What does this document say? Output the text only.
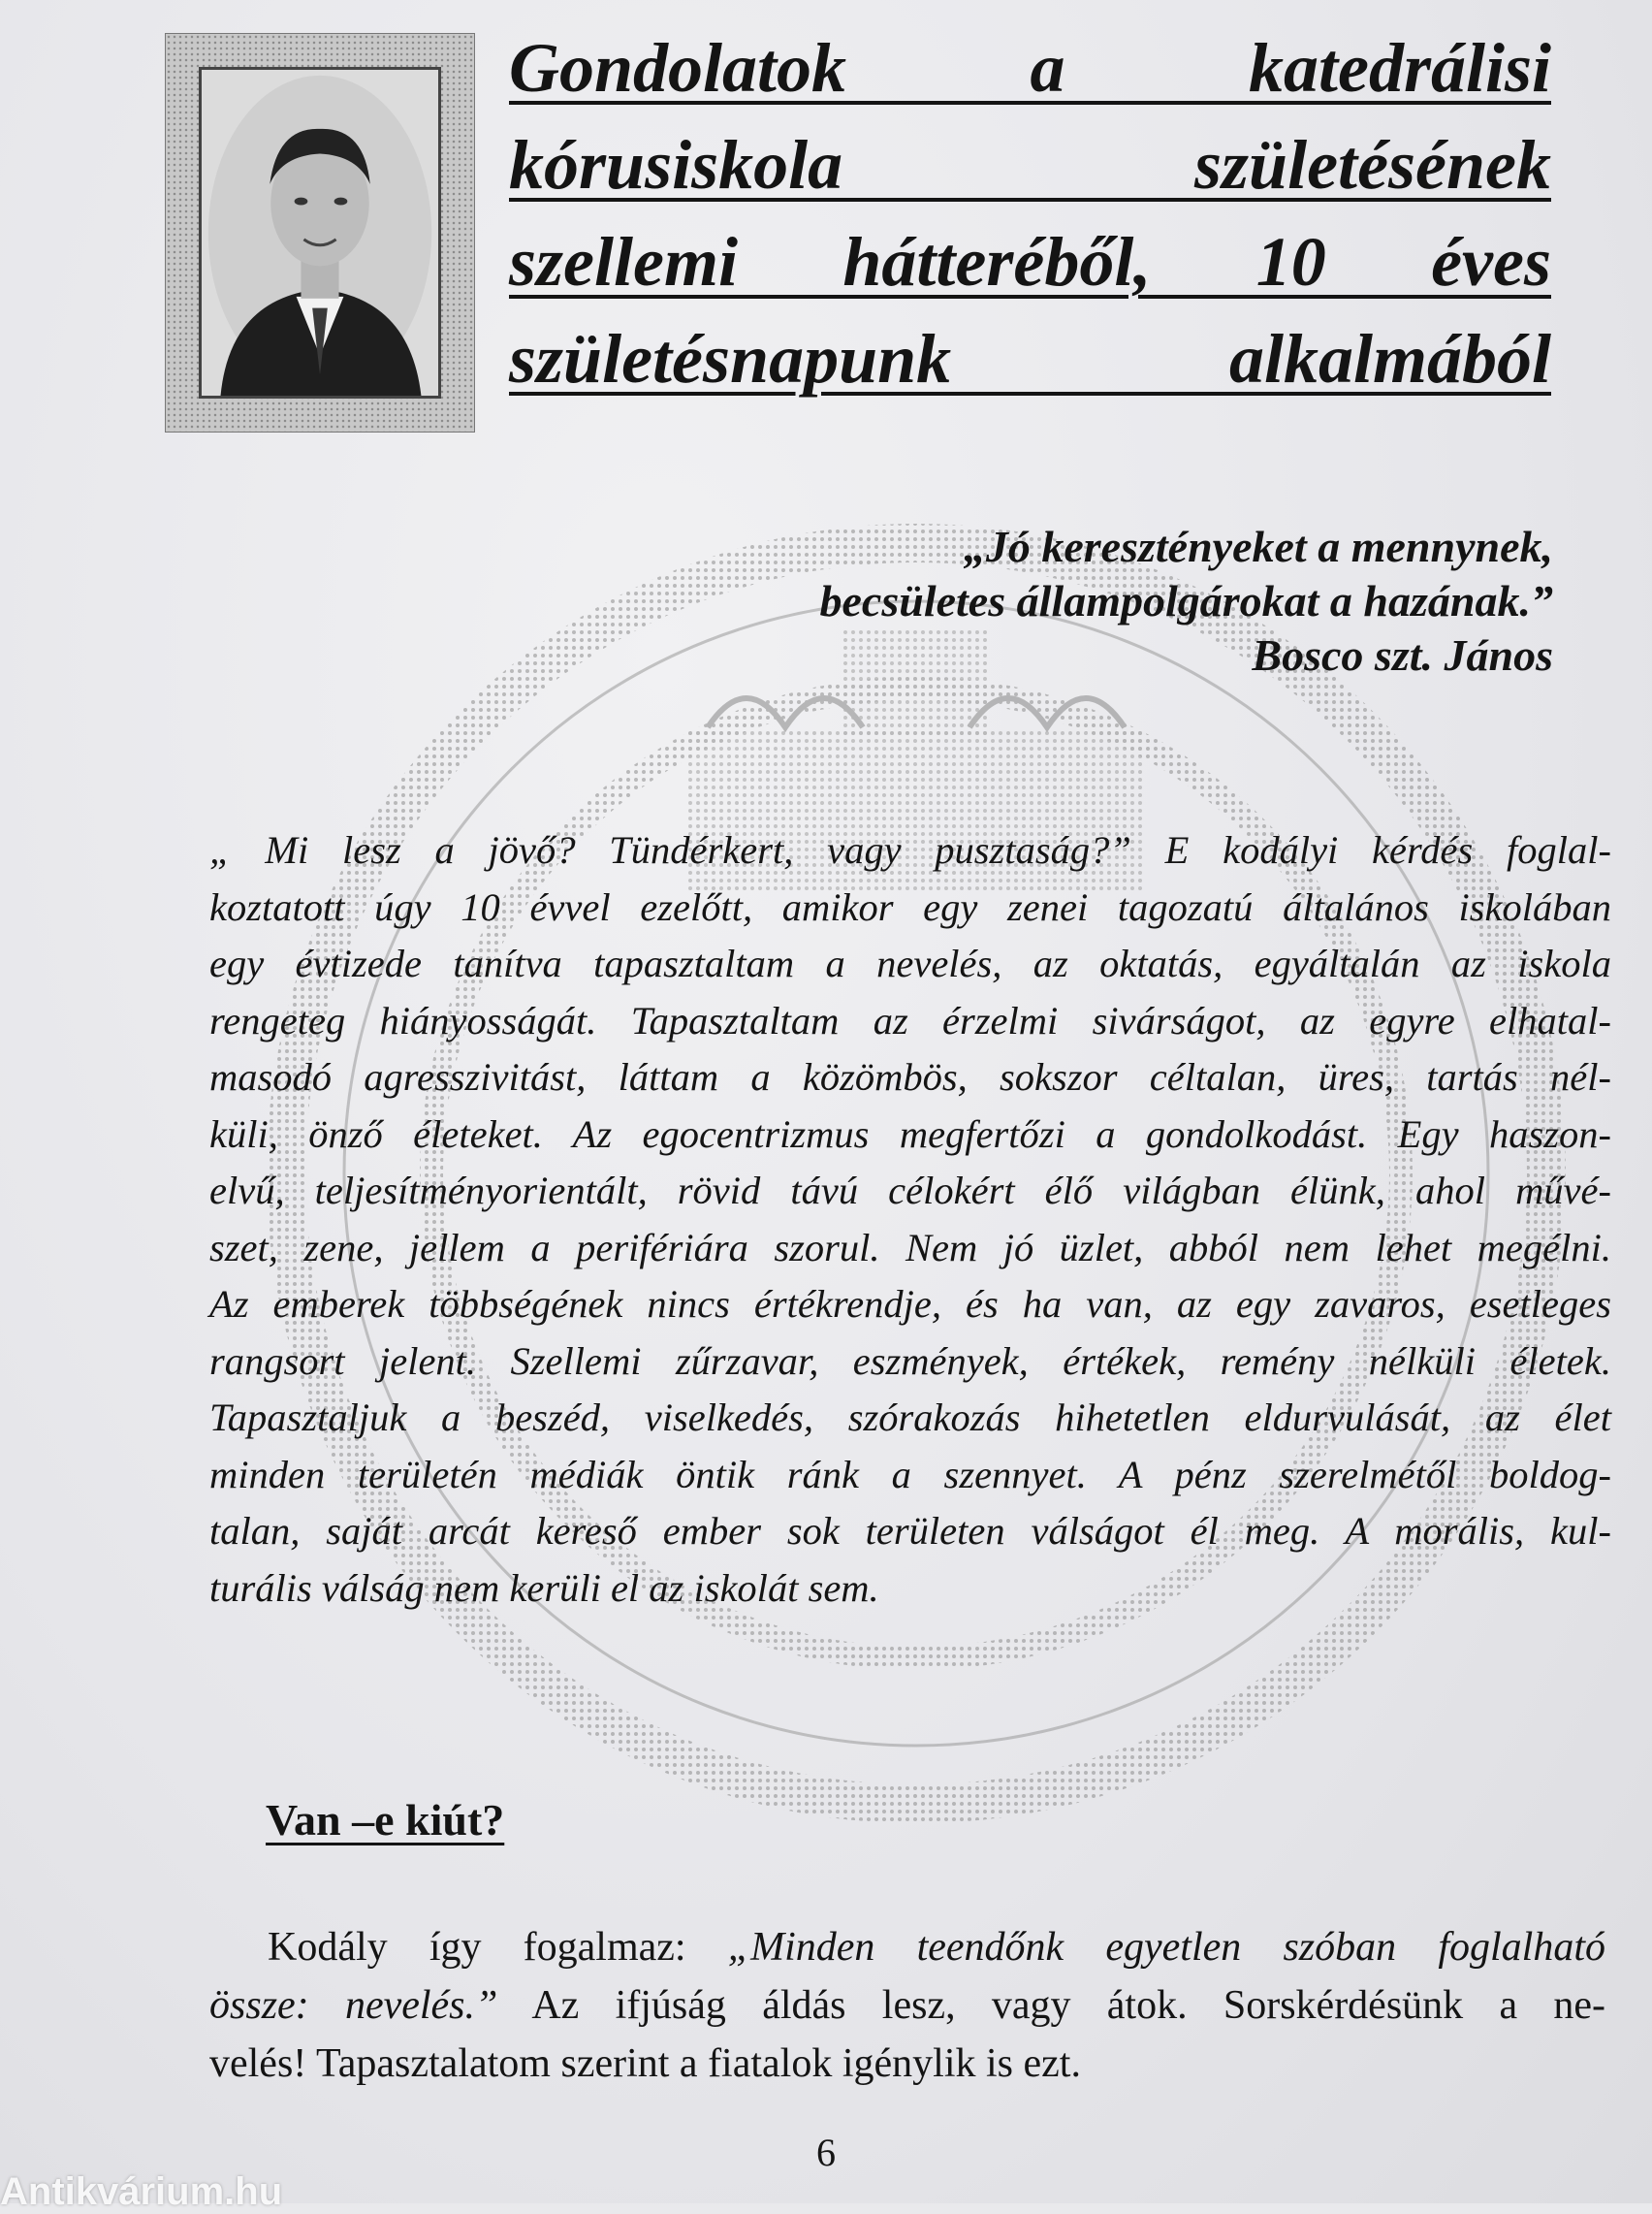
Gondolatok a katedrálisi
kórusiskola születésének
szellemi hátteréből, 10 éves
születésnapunk alkalmából
„Jó keresztényeket a mennynek,
becsületes állampolgárokat a hazának.”
Bosco szt. János

„ Mi lesz a jövő? Tündérkert, vagy pusztaság?” E kodályi kérdés foglal-
koztatott úgy 10 évvel ezelőtt, amikor egy zenei tagozatú általános iskolában
egy évtizede tanítva tapasztaltam a nevelés, az oktatás, egyáltalán az iskola
rengeteg hiányosságát. Tapasztaltam az érzelmi sivárságot, az egyre elhatal-
masodó agresszivitást, láttam a közömbös, sokszor céltalan, üres, tartás nél-
küli, önző életeket. Az egocentrizmus megfertőzi a gondolkodást. Egy haszon-
elvű, teljesítményorientált, rövid távú célokért élő világban élünk, ahol művé-
szet, zene, jellem a perifériára szorul. Nem jó üzlet, abból nem lehet megélni.
Az emberek többségének nincs értékrendje, és ha van, az egy zavaros, esetleges
rangsort jelent. Szellemi zűrzavar, eszmények, értékek, remény nélküli életek.
Tapasztaljuk a beszéd, viselkedés, szórakozás hihetetlen eldurvulását, az élet
minden területén médiák öntik ránk a szennyet. A pénz szerelmétől boldog-
talan, saját arcát kereső ember sok területen válságot él meg. A morális, kul-
turális válság nem kerüli el az iskolát sem.

Van –e kiút?

Kodály így fogalmaz: „Minden teendőnk egyetlen szóban foglalható
össze: nevelés.” Az ifjúság áldás lesz, vagy átok. Sorskérdésünk a ne-
velés! Tapasztalatom szerint a fiatalok igénylik is ezt.

6
Antikvárium.hu
